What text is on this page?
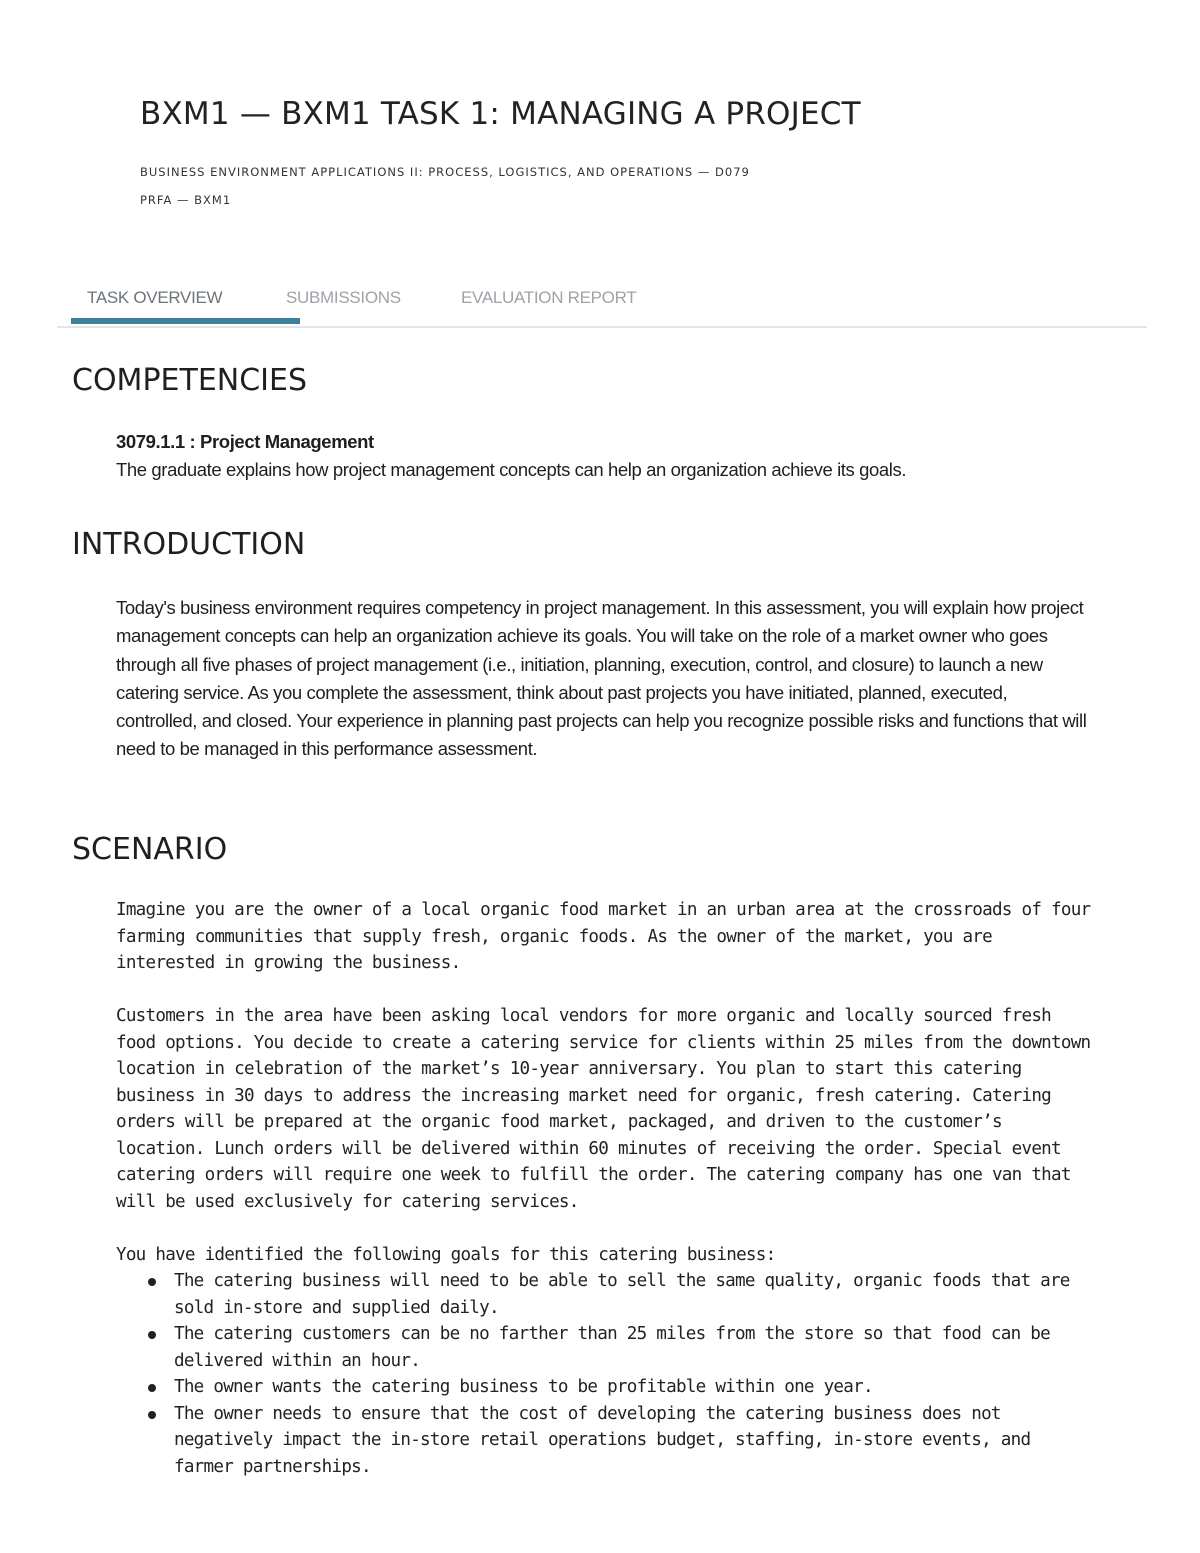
BXM1 — BXM1 TASK 1: MANAGING A PROJECT
BUSINESS ENVIRONMENT APPLICATIONS II: PROCESS, LOGISTICS, AND OPERATIONS — D079
PRFA — BXM1
TASK OVERVIEW	SUBMISSIONS	EVALUATION REPORT
COMPETENCIES
3079.1.1 : Project Management
The graduate explains how project management concepts can help an organization achieve its goals.
INTRODUCTION
Today's business environment requires competency in project management. In this assessment, you will explain how project management concepts can help an organization achieve its goals. You will take on the role of a market owner who goes through all five phases of project management (i.e., initiation, planning, execution, control, and closure) to launch a new catering service. As you complete the assessment, think about past projects you have initiated, planned, executed, controlled, and closed. Your experience in planning past projects can help you recognize possible risks and functions that will need to be managed in this performance assessment.
SCENARIO

Imagine you are the owner of a local organic food market in an urban area at the crossroads of four farming communities that supply fresh, organic foods. As the owner of the market, you are interested in growing the business.

Customers in the area have been asking local vendors for more organic and locally sourced fresh food options. You decide to create a catering service for clients within 25 miles from the downtown location in celebration of the market’s 10-year anniversary. You plan to start this catering business in 30 days to address the increasing market need for organic, fresh catering. Catering orders will be prepared at the organic food market, packaged, and driven to the customer’s location. Lunch orders will be delivered within 60 minutes of receiving the order. Special event catering orders will require one week to fulfill the order. The catering company has one van that will be used exclusively for catering services.

You have identified the following goals for this catering business:

The catering business will need to be able to sell the same quality, organic foods that are sold in-store and supplied daily.
The catering customers can be no farther than 25 miles from the store so that food can be delivered within an hour.
The owner wants the catering business to be profitable within one year.
The owner needs to ensure that the cost of developing the catering business does not negatively impact the in-store retail operations budget, staffing, in-store events, and farmer partnerships.
